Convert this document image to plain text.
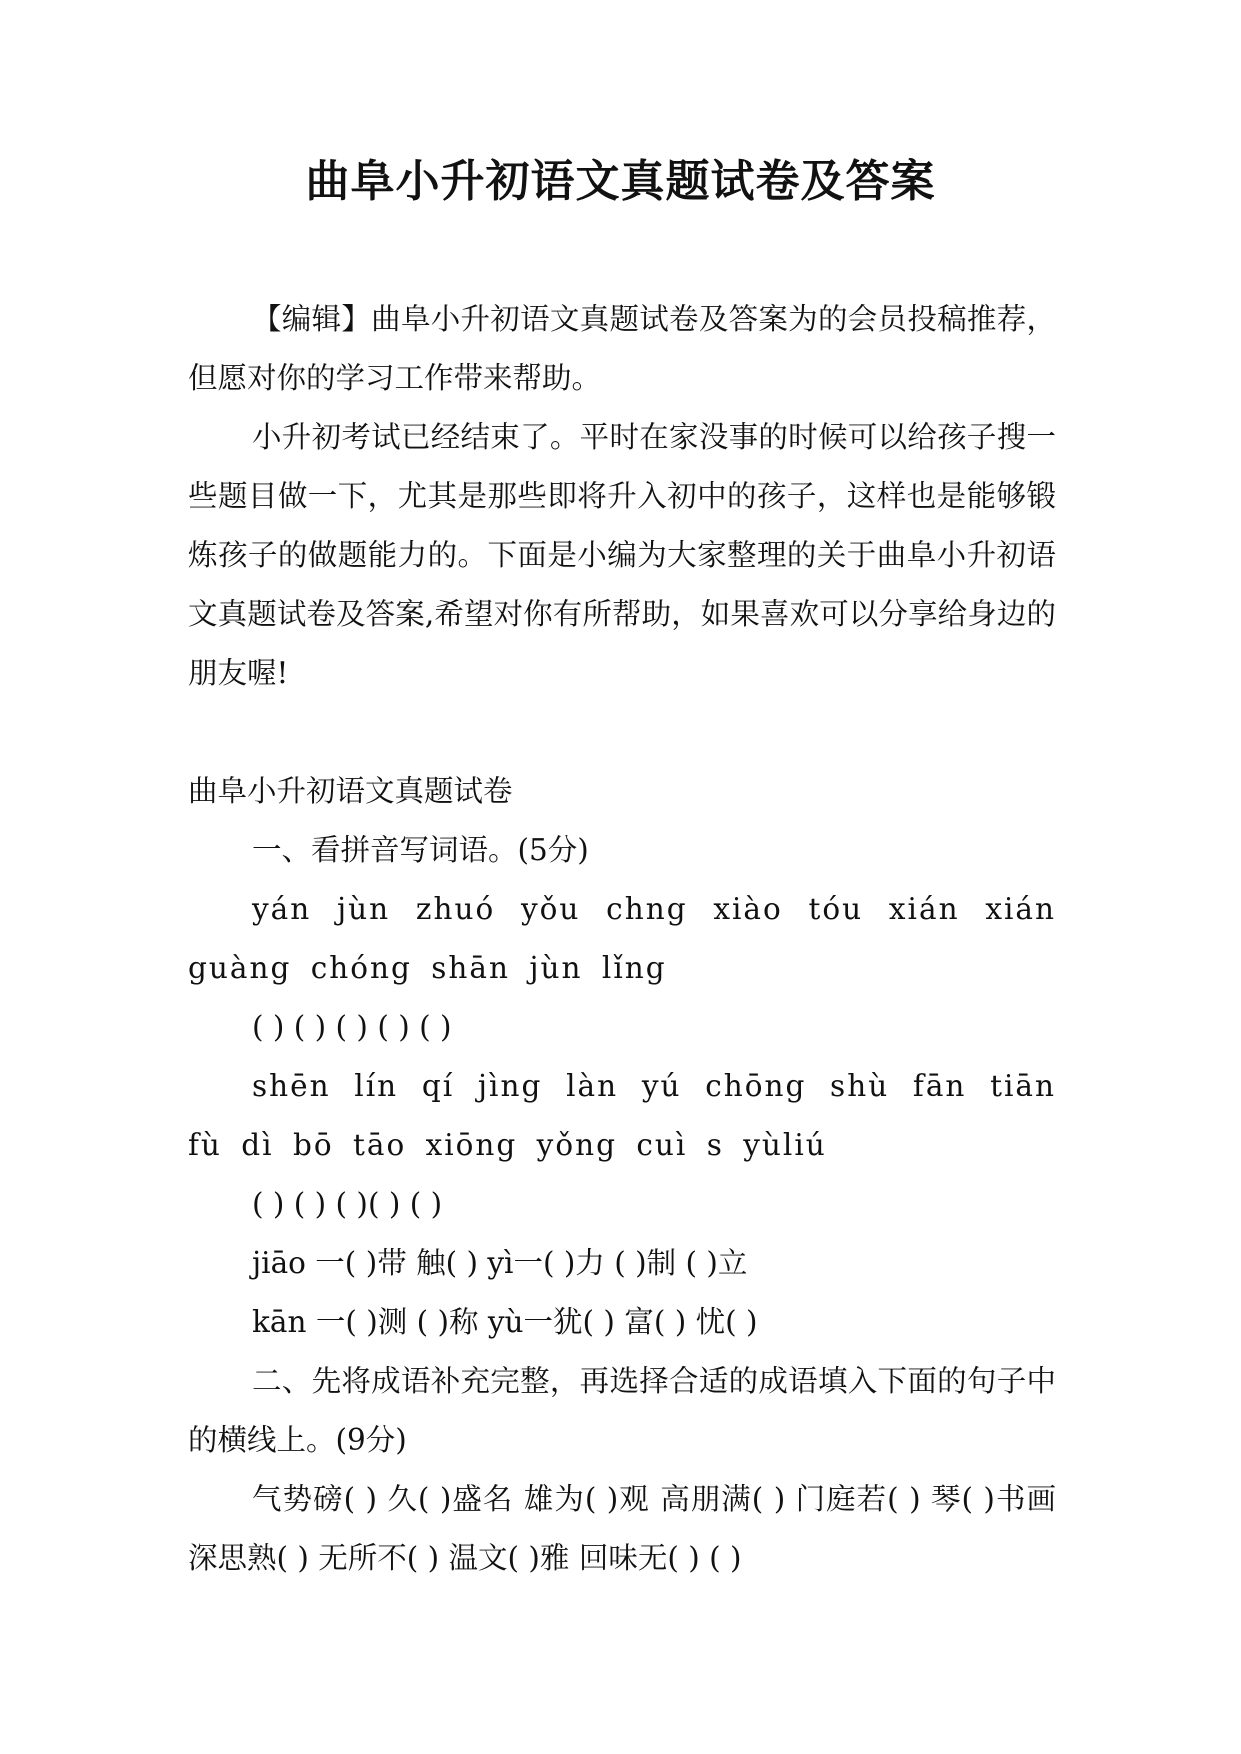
曲阜小升初语文真题试卷及答案

【编辑】曲阜小升初语文真题试卷及答案为的会员投稿推荐，但愿对你的学习工作带来帮助。

小升初考试已经结束了。平时在家没事的时候可以给孩子搜一些题目做一下，尤其是那些即将升入初中的孩子，这样也是能够锻炼孩子的做题能力的。下面是小编为大家整理的关于曲阜小升初语文真题试卷及答案,希望对你有所帮助，如果喜欢可以分享给身边的朋友喔!

曲阜小升初语文真题试卷

一、看拼音写词语。(5分)

yán jùn zhuó yǒu chng xiào tóu xián xián guàng chóng shān jùn lǐng

( ) ( ) ( ) ( ) ( )

shēn lín qí jìng làn yú chōng shù fān tiān fù dì bō tāo xiōng yǒng cuì s yùliú

( ) ( ) ( )( ) ( )

jiāo 一( )带 触( ) yì一( )力 ( )制 ( )立

kān 一( )测 ( )称 yù一犹( ) 富( ) 忧( )

二、先将成语补充完整，再选择合适的成语填入下面的句子中的横线上。(9分)

气势磅( ) 久( )盛名 雄为( )观 高朋满( ) 门庭若( ) 琴( )书画 深思熟( ) 无所不( ) 温文( )雅 回味无( ) ( )
